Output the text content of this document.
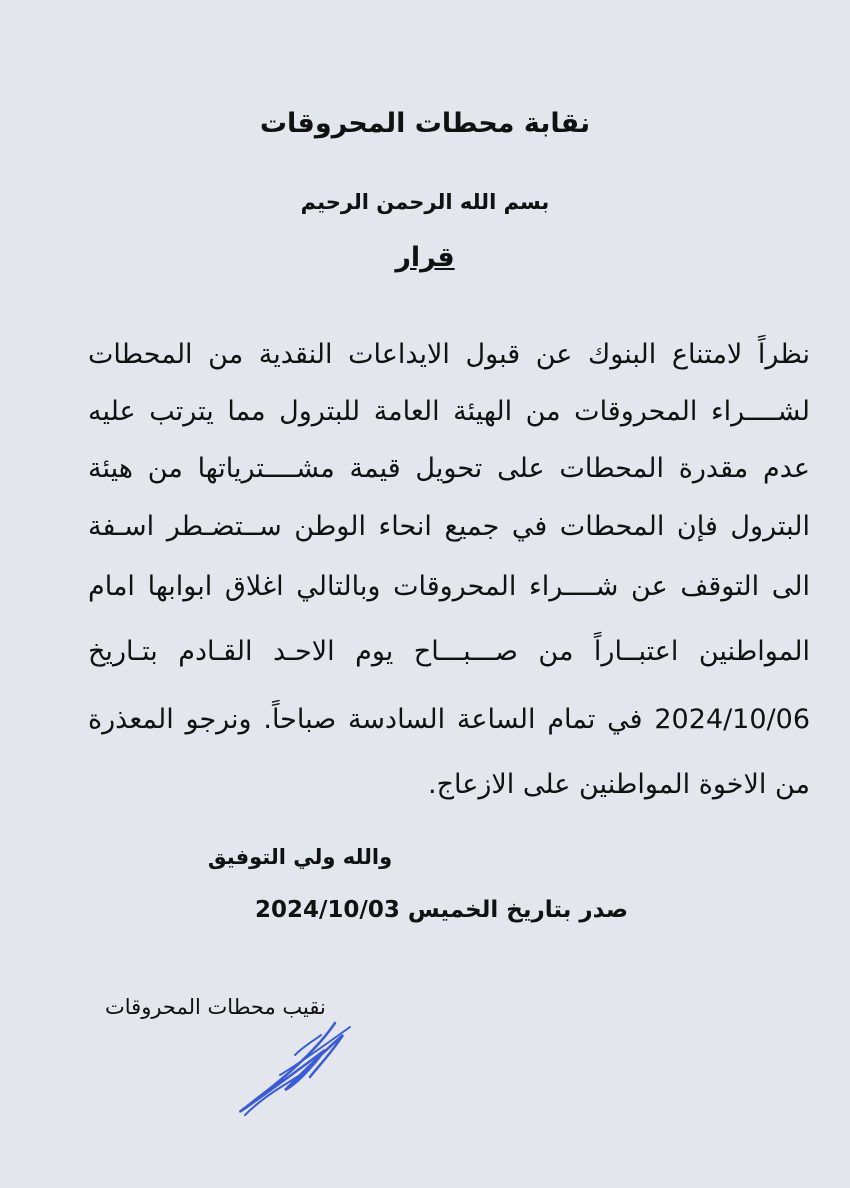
نقابة محطات المحروقات
بسم الله الرحمن الرحيم
قرار
نظراً لامتناع البنوك عن قبول الايداعات النقدية من المحطات
لشــــراء المحروقات من الهيئة العامة للبترول مما يترتب عليه
عدم مقدرة المحطات على تحويل قيمة مشــــترياتها من هيئة
البترول فإن المحطات في جميع انحاء الوطن ســتضـطر اسـفة
الى التوقف عن شــــراء المحروقات وبالتالي اغلاق ابوابها امام
المواطنين اعتبــاراً من صـــبـــاح يوم الاحـد القـادم بتـاريخ
2024/10/06 في تمام الساعة السادسة صباحاً. ونرجو المعذرة
من الاخوة المواطنين على الازعاج.
والله ولي التوفيق
صدر بتاريخ الخميس 2024/10/03
نقيب محطات المحروقات
